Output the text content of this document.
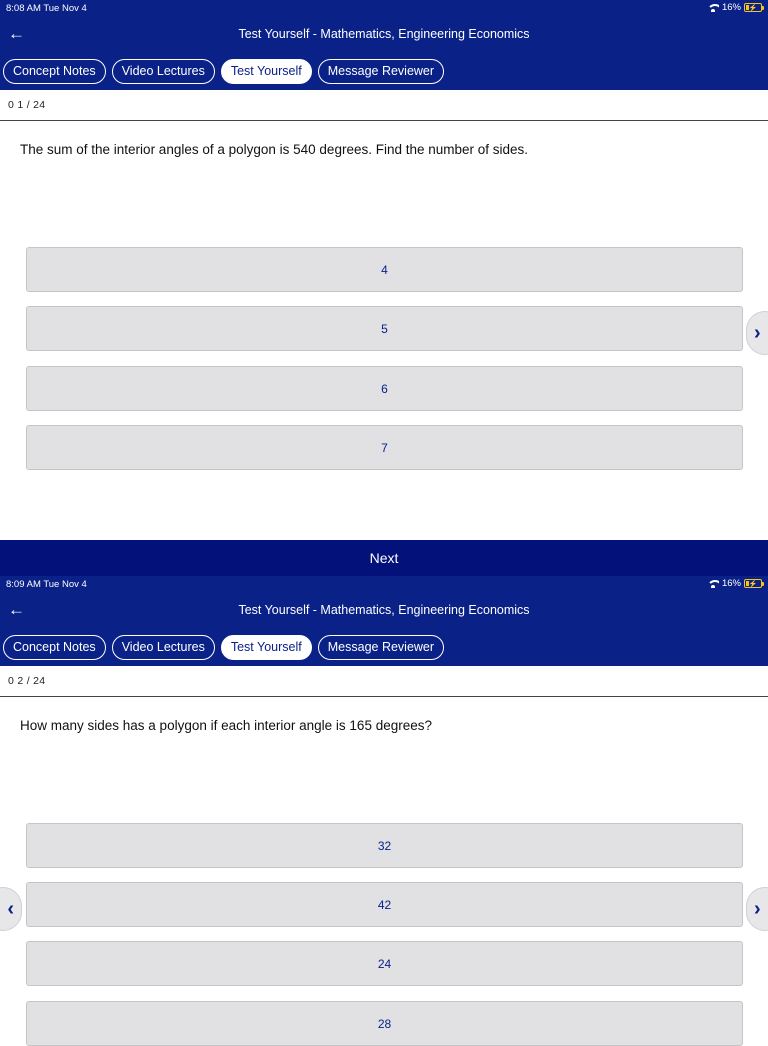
8:08 AM Tue Nov 4	16%	⚡
←	Test Yourself - Mathematics, Engineering Economics
Concept Notes	Video Lectures	Test Yourself	Message Reviewer
0 1 / 24
The sum of the interior angles of a polygon is 540 degrees. Find the number of sides.
4
5
6
7
›
Next
8:09 AM Tue Nov 4	16%	⚡
←	Test Yourself - Mathematics, Engineering Economics
Concept Notes	Video Lectures	Test Yourself	Message Reviewer
0 2 / 24
How many sides has a polygon if each interior angle is 165 degrees?
32
42
24
28
‹	›
